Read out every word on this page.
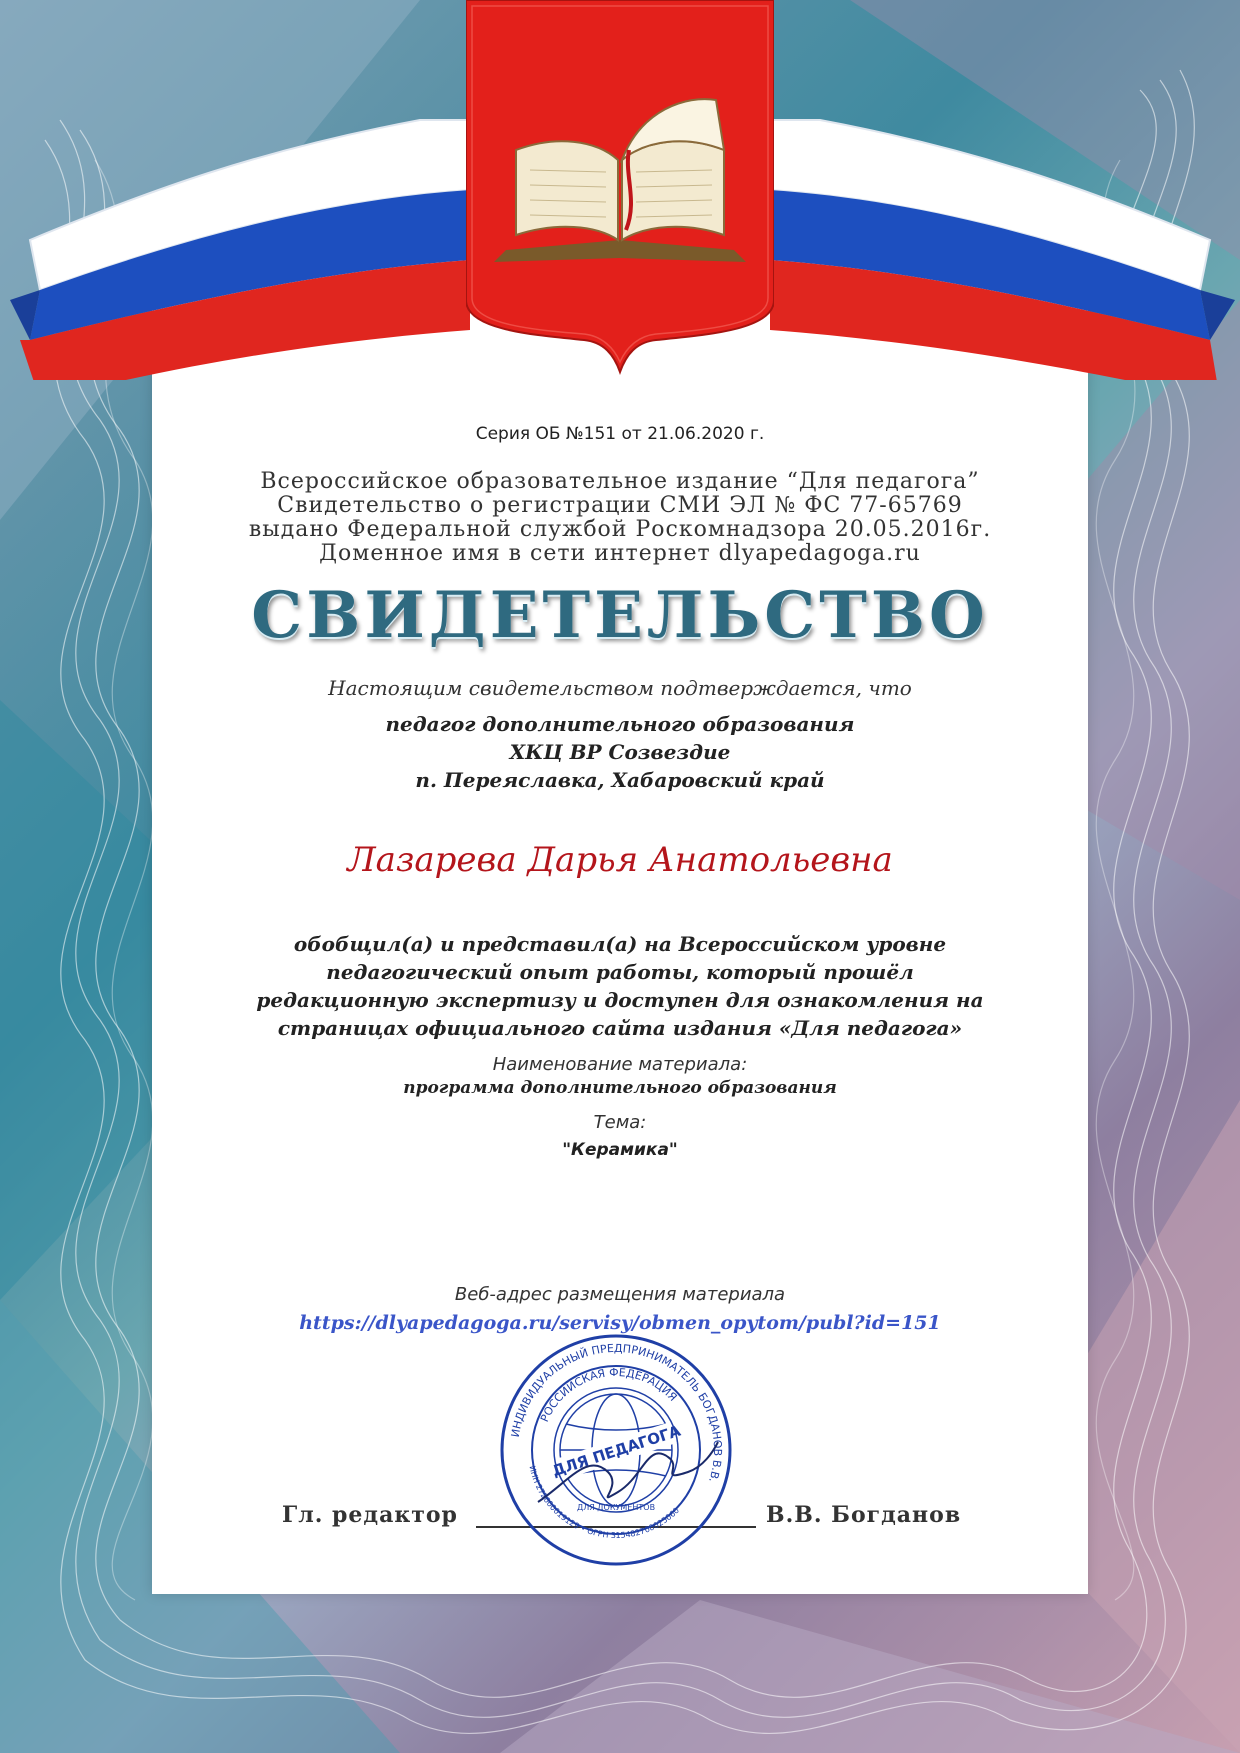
Серия ОБ №151 от 21.06.2020 г.
Всероссийское образовательное издание “Для педагога”
Свидетельство о регистрации СМИ ЭЛ № ФС 77-65769
выдано Федеральной службой Роскомнадзора 20.05.2016г.
Доменное имя в сети интернет dlyapedagoga.ru
СВИДЕТЕЛЬСТВО
Настоящим свидетельством подтверждается, что
педагог дополнительного образования
ХКЦ ВР Созвездие
п. Переяславка, Хабаровский край
Лазарева Дарья Анатольевна
обобщил(а) и представил(а) на Всероссийском уровне
педагогический опыт работы, который прошёл
редакционную экспертизу и доступен для ознакомления на
страницах официального сайта издания «Для педагога»
Наименование материала:
программа дополнительного образования
Тема:
"Керамика"
Веб-адрес размещения материала
https://dlyapedagoga.ru/servisy/obmen_opytom/publ?id=151
Гл. редактор	В.В. Богданов
ИНДИВИДУАЛЬНЫЙ ПРЕДПРИНИМАТЕЛЬ БОГДАНОВ В.В.
РОССИЙСКАЯ ФЕДЕРАЦИЯ
ИНН 272600019129 • ОГРН 315482700025060
ДЛЯ ПЕДАГОГА
ДЛЯ ДОКУМЕНТОВ
